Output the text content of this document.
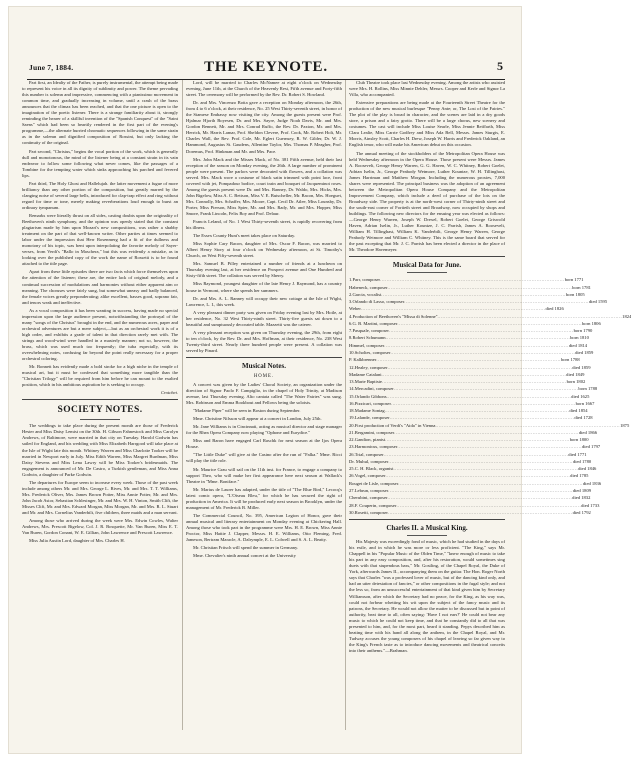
June 7, 1884.	THE KEYNOTE.	5

Part first, an Idealty of the Father, is purely instrumental, the attempt being made to represent his voice in all its dignity of sublimity and power. The theme pervading this number is solemn and impressive, commencing with a pianissimo movement in common time, and gradually increasing in volume, until a crash of the brass announces that the climax has been reached, and that the one picture is open to the imagination of the poetic listener. There is a strange familiarity about it, strongly reminding the hearer of a skillful invention of the "Spanish Conquest" of the "Saint Saens" which had been so heartily rendered in the first part of the evening's programme,—the alternate hurried chromatic sequences following in the same strain as in the solemn and dignified composition of Rossini, but only lacking the continuity of the original.

Part second, "Christus," begins the vocal portion of the work, which is generally dull and monotonous, the mind of the listener being at a constant strain in its vain endeavor to follow some following what never comes, like the passages of a Tombine for the tempting water which sinks approaching his parched and fevered lips.

Part third, The Holy Ghost and Hallelujah. the latter movement a fugue of more brilliancy than any other portion of the composition, but greatly marred by the clanging noise of several large bells, introduced for clap-trap effect and ring without regard for time or tone, merely making reverberations loud enough to burst an ordinary tympanum.

Remarks were literally thrust on all sides, casting doubts upon the originality of Beethoven's ninth symphony, and the opinion was openly stated that the constant plagiarism made by him upon Mozart's new compositions, was rather a shabby treatment on the part of that well-known writer. Other parties at times seemed to labor under the impression that Herr Rosenmerg had a fit of the dullness and monotony of his topic, was bent upon interpolating the favorite melody of Sayer-verses, from Verdi's "Ballo in Maschera," but this was evidently a mistake, as in looking over the published copy of the work the name of Rossetti is to be found attached to the title page.

Apart from these little episodes there are two facts which force themselves upon the attention of the listener; these are, the entire lack of original melody, and a continual succession of modulations and harmonies without either apparent aim or meaning. The choruses were fairly sung, but somewhat uneasy and badly balanced, the female voices greatly preponderating; alike excellent, basses good, soprano fair, and tenors weak and ineffective.

As a vocal composition it has been wanting in success, having made no special impression upon the large audience present, notwithstanding the portrayal of the many "songs of the Christus" brought in the end, and the numerous acres, paper and orchestral adventures are but a mere subject,—but as an orchestral work it is of a high order, and exhibits a grade of talent in that direction rarely met with. The strings and wood-wind were handled in a masterly manner; not so, however, the brass, which was used much too frequently; the tuba especially, with its overwhelming notes, confusing far beyond the point really necessary for a proper orchestral coloring.

Mr. Bonnett has evidently made a bold stroke for a high niche in the temple of musical art, but it must be confessed that something more tangible than the "Christian Trilogy" will be required from him before he can mount to the exalted position, which in his ambitious aspiration he is seeking to occupy.

Crotchet.

SOCIETY NOTES.

The weddings to take place during the present month are those of Frederick Hester and Miss Daisy Lemist on the 30th. H. Gibson Fahnestock and Miss Carolyn Andrews, of Baltimore, were married in that city on Tuesday. Harold Godwin has sailed for England, and his wedding with Miss Elizabeth Harrgood will take place at the Isle of Wight late this month. Whitney Warren and Miss Charlotte Tooker will be married in Newport early in July. Miss Edith Warren, Miss Margret Burdman, Miss Daisy Stevens and Miss Lena Lawry will be Miss Tooker's bridesmaids. The engagement is announced of Mr. De Castro, a Turkish gentleman, and Miss Anna Godwin, a daughter of Parke Godwin.

The departures for Europe seem to increase every week. Those of the past week include among others Mr. and Mrs. George L. Rives, Mr. and Mrs. T. T. Williams, Mrs. Frederick Oliver, Mrs. James Brown Potter, Miss Annie Potter, Mr. and Mrs. John Jacob Astor, Sebastian Schlesinger, Mr. and Mrs. W. H. Vinton, Smith Clift, the Misses Clift, Mr. and Mrs. Edward Morgan, Miss Morgan, Mr. and Mrs. R. L. Stuart and Mr. and Mrs. Cornelius Vanderbilt, five children, three maids and a man servant.

Among those who arrived during the week were Mrs. Edwin Cowles, Walter Andrews, Mrs. Prescott Bigelow, Col. J. R. Bosquette, Mr. Van Buren, Miss E. T. Van Buren, Gordon Conant, W. E. Gillian, John Lawrence and Prescott Lawrence.

Miss Julia Austin Lord, daughter of Mrs. Charles H.

Lord, will be married to Charles McNamee at eight o'clock on Wednesday evening, June 11th, at the Church of the Heavenly Rest, Fifth avenue and Forty-fifth street. The ceremony will be performed by the Rev. Dr. Robert S. Howland.

Dr. and Mrs. Vincenzo Botta gave a reception on Monday afternoon, the 26th, from 4 to 6 o'clock, at their residence, No. 25 West Thirty-seventh street, in honor of the Siamese Embassy now visiting the city. Among the guests present were Prof. Hjalmar Hjorth Boyesen, Dr. and Mrs. Sayre, Judge Noah Davis, Mr. and Mrs. Gordon Bennett, Mr. and Mrs. Conrad Ruffo, the Rev. Dr. Paxton, Mr. and Mrs. Herrick, Mr. Harris Lamar, Prof. Sheldon Clevere, Prof. Cook, Mr. Robert Holt, Mr. Charles Wall, the Rev. Prof. Cole, Mr. Eglert Guernsey, R. W. Gilder, Dr. W. J. Hammond, Augustus St. Gaudens, Allentine Taylor, Mrs. Thomas P. Meagher, Prof. Doremus, Prof. Hinkman and Mr. and Mrs. Pace.

Mrs. John Mack and the Misses Mack, of No. 381 Fifth avenue, held their last reception of the season on Monday evening, the 26th. A large number of prominent people were present. The parlors were decorated with flowers, and a collation was served. Mrs. Mack wore a costume of black satin trimmed with point lace, front covered with jet, Pompadour bodice, court train and bouquet of Jacqueminot roses. Among the guests present were Dr. and Mrs. Ranney, Dr. Waldo, Mrs. Hicks, Mrs. John Bigelow, Miss A. C. Bettson, Miss V. E. Butscheller, Mr. Bacon, Mrs. Hoeguet, Mrs. Connolly, Mrs. Schaffer, Mrs. Moore, Capt. Cecil Dr. Atlee, Miss Lounsby, Dr. Porter, Miss Pierson, Miss Spier, Mr. and Mrs. Rady, Mr. and Mrs. Hopper, Miss Smore, Frank Lincoln, Felix Boy and Prof. Delaur.

Francis Leland, of No. 1 West Thirty-seventh street, is rapidly recovering from his illness.

The Essex County Hunt's meet takes place on Saturday.

Miss Sophie Cary Bacon, daughter of Mrs. Oscar F. Bacon, was married to Albert Henry Story at four o'clock on Wednesday afternoon, at St. Timothy's Church, on West Fifty-seventh street.

Mrs. Samuel B. Pilley entertained a number of friends at a luncheon on Thursday evening last, at her residence on Prospect avenue and One Hundred and Sixty-fifth street. The collation was served by Sherry.

Miss Raymond, youngest daughter of the late Henry J. Raymond, has a country house in Vermont, where she spends her summers.

Dr. and Mrs. A. L. Ranney will occupy their new cottage at the Isle of Wight, Lawrence, L. I., this week.

A very pleasant dinner party was given on Friday evening last by Mrs. Hoile, at her residence, No. 32 West Thirty-ninth street. Thirty-five guests sat down to a beautiful and sumptuously decorated table. Mazzetti was the caterer.

A very pleasant reception was given on Thursday evening, the 29th, from eight to ten o'clock, by the Rev. Dr. and Mrs. Hoffman, at their residence, No. 238 West Twenty-third street. Nearly three hundred people were present. A collation was served by Pinard.

Musical Notes.
HOME.

A concert was given by the Ladies' Choral Society, an organization under the direction of Signor Paolo F. Campiglio, in the chapel of Holy Trinity, at Madison avenue, last Thursday evening. Alto cantata called "The Water Fairies" was sung. Mrs. Robinson and Emma Bookbout and Fellows being the soloists.

"Madame Piper" will be seen in Boston during September.

Mme. Christine Nilsson will appear at a concert in London, July 25th.

Mr. Jane Williams is in Cincinnati, acting as musical director and stage manager for the Rhea Opera Company now playing "Ophone and Eurydice."

Miss and Baron have engaged Carl Raschk for next season at the Ijos Opera House.

"The Little Duke" will give at the Casino after the run of "Falka." Mme. Ricci will play the title role.

Mr. Maurice Grau will sail on the 11th inst. for France, to engage a company to support Theo, who will make her first appearance here next season at Wallack's Theatre in "Mme. Boniface."

Mr. Marius de Laurer has adapted, under the title of "The Blue Bird," Lecocq's latest comic opera, "L'Oiseau Bleu," for which he has secured the right of production in America. It will be produced early next season in Brooklyn, under the management of Mr. Frederick B. Miller.

The Commercial Council, No. 395, American Legion of Honor, gave their annual musical and literary entertainment on Monday evening at Chickering Hall. Among those who took part in the programme were Mrs. H. E. Brown, Miss Annie Proctor, Miss Hattie J. Clapper, Messrs. H. E. Williams, Otto Fleming, Fred. Jameson, Bertram Maracle, A. Dalrymple, E. L. Colwell and S. A. L. Beatty.

Mr. Christian Fritsch will spend the summer in Germany.

Mme. Chevalier's ninth annual concert at the University

Club Theatre took place last Wednesday evening. Among the artists who assisted were Mrs. H. Rollins, Miss Minnie Dehler, Messrs. Cooper and Kerle and Signor La Villa, who accompanied.

Extensive preparations are being made at the Fourteenth Street Theatre for the production of the new musical burlesque "Penny Ante; or, The Lost of the Fairies." The plot of the play is broad in character, and the scenes are laid in a dry goods store, a prison and a fairy grotto. There will be a large chorus, new scenery and costumes. The cast will include Miss Louise Searle, Miss Jennie Reiffarth, Miss Clara Lealie, Miss Carrie Godfrey and Miss Ada Bell, Messrs. James Sturgis, E. Morris, Ainsley Scott, Charles H. Drew, Joseph W. Harris and Frederick Oakland, an English tenor, who will make his American debut on this occasion.

The annual meeting of the stockholders of the Metropolitan Opera House was held Wednesday afternoon in the Opera House. Those present were Messrs. James A. Roosevelt, George Henry Warren, G. G. Haven, W. C. Whitney, Robert Goelet, Adrian Iselin, Jr., George Peabody Wetmore, Luther Kountze, W. H. Tillinghast, James Harriman and Matthew Morgan. Including the numerous proxies, 7,000 shares were represented. The principal business was the adoption of an agreement between the Metropolitan Opera House Company and the Metropolitan Improvement Company, which include a deed of purchase of the lots on the Broadway side. The property is at the north-west corner of Thirty-ninth street and the south-east corner of Fortieth street and Broadway, now occupied by shops and buildings. The following new directors for the ensuing year was elected as follows:—George Henry Warren, Joseph W. Drexel, Robert Goelet, George Griswold Haven, Adrian Iselin, Jr., Luther Kountze, J. C. Parrish, James A. Roosevelt, William H. Tillinghast, William K. Vanderbilt, George Henry Warren, George Peabody Wetmore and William C. Whitney. This is the same board that served for the past excepting that Mr. J. C. Parrish has been elected a director in the place of Mr. Theodore Havemeyer.

Musical Data for June.
1. Parr, composer .....	born 1771
Habeneck, composer .....	born 1781
2. Garcia, vocalist .....	born 1805
3. Orlando di Lasso, composer .....	died 1595
Weber .....	died 1826
4. Production of Beethoven's "Missa di Solenne" .....	1824
6. G. B. Martini, composer .....	born 1806
7. Pasquale, composer .....	born 1790
8. Robert Schumann .....	born 1810
Himmel, composer .....	died 1814
10. Scholtes, composer .....	died 1859
P. Kalkbrenner .....	born 1788
12. Healey, composer .....	died 1859
Madame Catalani .....	died 1849
13. Marie Baptiste .....	born 1802
14. Mercadini, composer .....	born 1788
15. Orlando Gibbons .....	died 1625
16. Pizzicari, composer .....	born 1667
18. Madame Sontag .....	died 1854
19. Lalande, composer .....	died 1728
20. First production of Verdi's "Aida" in Vienna .....	1875
21. Bergamini, composer .....	died 1866
22. Gandion, pianist .....	born 1800
23. Harmonicus, composer .....	died 1797
26. Trial, composer .....	died 1771
Dr. Muhul, composer .....	died 1780
25. C. H. Black, organist .....	died 1846
26. Vogel, composer .....	died 1785
Rouget de Lisle, composer .....	died 1836
27. Lebrun, composer .....	died 1809
Cherubini, composer .....	died 1832
28. F. Couperin, composer .....	died 1733
30. Rosetti, composer .....	died 1792
Charles II. a Musical King.

His Majesty was exceedingly fond of music, which he had studied in the days of his exile, and in which he was more or less proficient. "The King," says Mr. Chappell in his "Popular Music of the Olden Time," "knew enough of music to take his part in any easy composition, and, after his restoration, would sometimes sing duets with that stupendous bass," Mr. Gostling, of the Chapel Royal, the Duke of York, afterwards James II., accompanying them on the guitar. The Hon. Roger North says that Charles "was a professed lover of music, but of the dancing kind only, and had an utter detestation of fancies," or other compositions in the fugal style; and not the less so, from an unsuccessful entertainment of that kind given him by Secretary Williamson, after which the Secretary had no peace, for the King, as his way was, could not forbear whetting his wit upon the subject of the fancy music and its patrons, the Secretary. He would not allow the matter to be discussed but in point of authority, beat time to all, often saying: 'Have I not ears?' He could not bear any music to which he could not keep time, and that he constantly did to all that was presented to him, and, for the most part, heard it standing. Pepys described him as beating time with his hand all along the anthem, in the Chapel Royal, and Mr. Tudway accuses the young composers of his chapel of leaving so far given way to the King's French taste as to introduce dancing movements and theatrical conceits into their anthems."—Brahman.
